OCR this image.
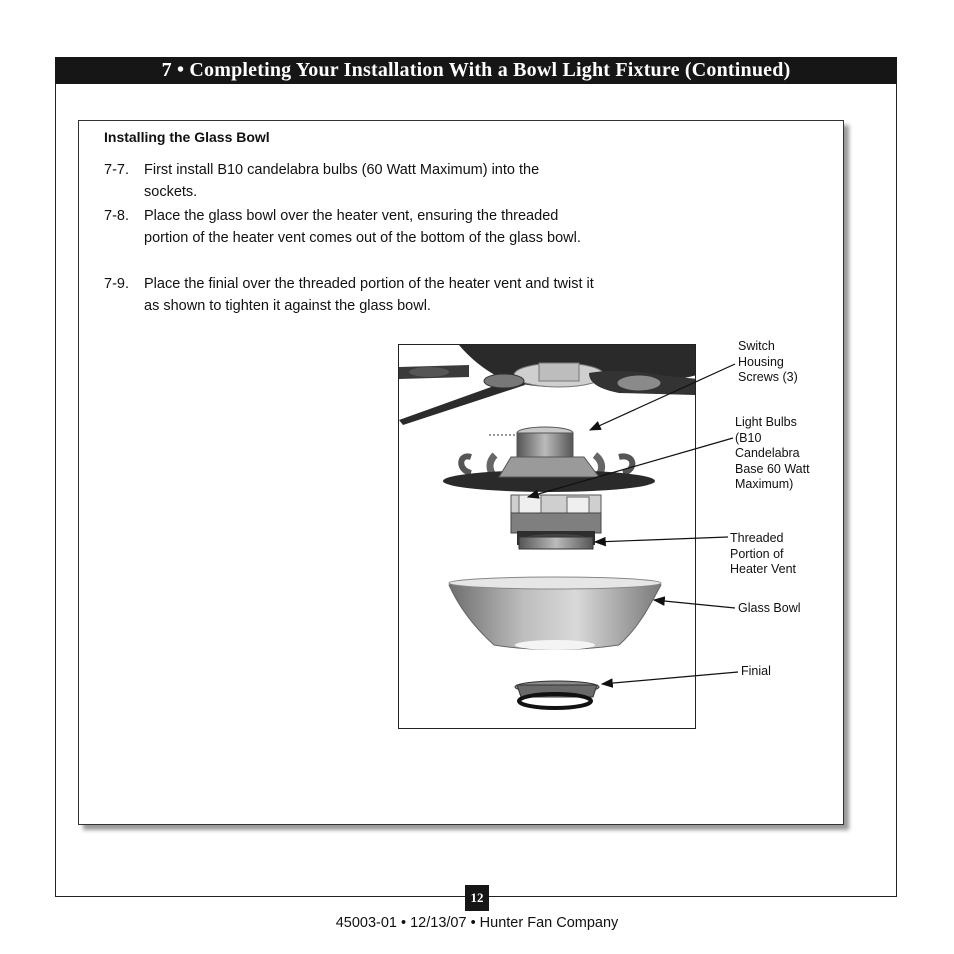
7 • Completing Your Installation With a Bowl Light Fixture (Continued)
Installing the Glass Bowl
7-7. First install B10 candelabra bulbs (60 Watt Maximum) into the sockets.
7-8. Place the glass bowl over the heater vent, ensuring the threaded portion of the heater vent comes out of the bottom of the glass bowl.
7-9. Place the finial over the threaded portion of the heater vent and twist it as shown to tighten it against the glass bowl.
Switch
Housing
Screws (3)
Light Bulbs
(B10
Candelabra
Base 60 Watt
Maximum)
Threaded
Portion of
Heater Vent
Glass Bowl
Finial
12
45003-01 • 12/13/07 • Hunter Fan Company
